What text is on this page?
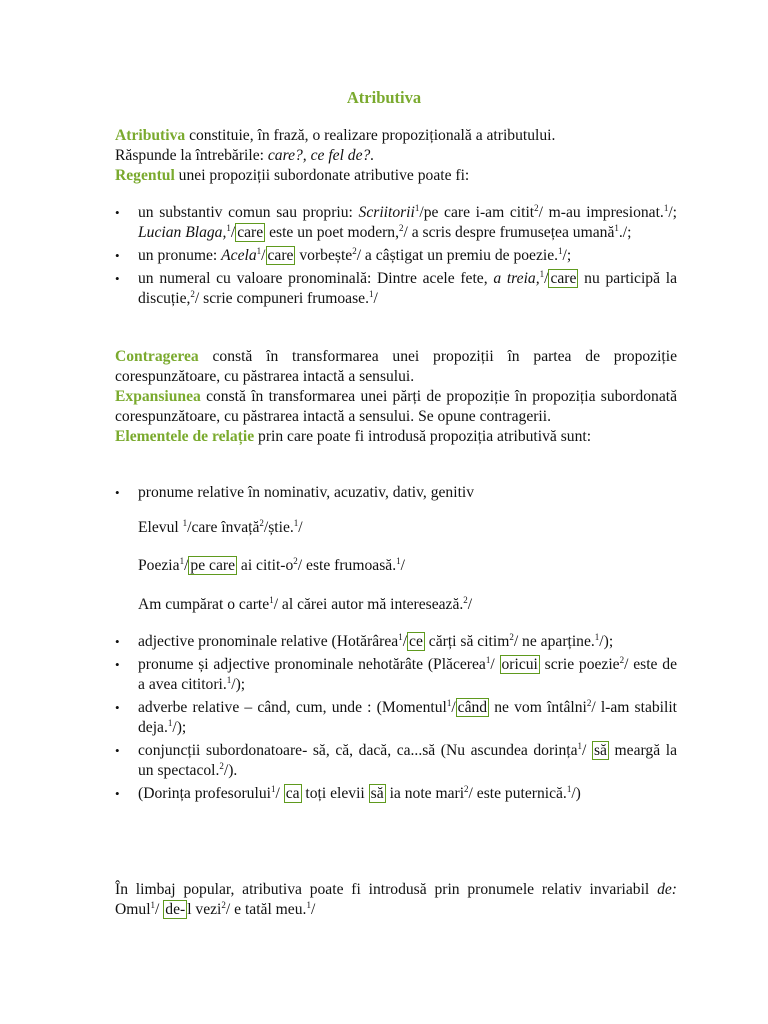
Atributiva

Atributiva constituie, în frază, o realizare propozițională a atributului.

Răspunde la întrebările: care?, ce fel de?.

Regentul unei propoziții subordonate atributive poate fi:

• un substantiv comun sau propriu: Scriitorii$^1$/pe care i-am citit$^2$/ m-au impresionat.$^1$/; Lucian Blaga,$^1$/ care este un poet modern,$^2$/ a scris despre frumusețea umană$^1$./;
• un pronume: Acela$^1$/ care vorbește$^2$/ a câștigat un premiu de poezie.$^1$/;
• un numeral cu valoare pronominală: Dintre acele fete, a treia,$^1$/ care nu participă la discuție,$^2$/ scrie compuneri frumoase.$^1$/

Contragerea constă în transformarea unei propoziții în partea de propoziție corespunzătoare, cu păstrarea intactă a sensului.

Expansiunea constă în transformarea unei părți de propoziție în propoziția subordonată corespunzătoare, cu păstrarea intactă a sensului. Se opune contragerii.

Elementele de relație prin care poate fi introdusă propoziția atributivă sunt:

• pronume relative în nominativ, acuzativ, dativ, genitiv
Elevul $^1$/care învață$^2$/știe.$^1$/
Poezia$^1$/ pe care ai citit-$o^2/$ este frumoasă.$^1$/
Am cumpărat o carte$^1$/ al cărei autor mă interesează.$^2$/
• adjective pronominale relative (Hotărârea$^1$/ ce cărți să citim$^2$/ ne aparține.$^1$/);
• pronume și adjective pronominale nehotărâte (Plăcerea$^1$/ oricui scrie poezie$^2$/ este de a avea cititori.$^1$/);
• adverbe relative – când, cum, unde : (Momentul$^1$/ când ne vom întâlni$^2$/ l-am stabilit deja.$^1$/);
• conjuncții subordonatoare- să, că, dacă, ca...să (Nu ascundea dorința$^1$/ să meargă la un spectacol.$^2$/).
• (Dorința profesorului$^1$/ ca toți elevii să ia note mari$^2$/ este puternică.$^1$/)

În limbaj popular, atributiva poate fi introdusă prin pronumele relativ invariabil de: Omul$^1$/ de- l vezi$^2$/ e tatăl meu.$^1$/
